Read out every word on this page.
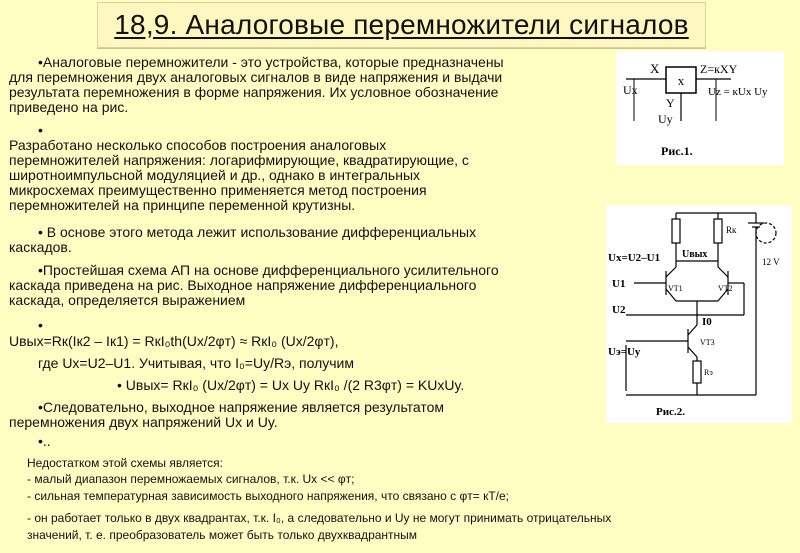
18,9. Аналоговые перемножители сигналов
•Аналоговые перемножители - это устройства, которые предназначены
для перемножения двух аналоговых сигналов в виде напряжения и выдачи
результата перемножения в форме напряжения. Их условное обозначение
приведено на рис.
•
Разработано несколько способов построения аналоговых
перемножителей напряжения: логарифмирующие, квадратирующие, с
широтноимпульсной модуляцией и др., однако в интегральных
микросхемах преимущественно применяется метод построения
перемножителей на принципе переменной крутизны.
• В основе этого метода лежит использование дифференциальных
каскадов.
•Простейшая схема АП на основе дифференциального усилительного
каскада приведена на рис. Выходное напряжение дифференциального
каскада, определяется выражением
•
Uвых=Rк(Iк2 – Iк1) = RкI₀th(Ux/2φт) ≈ RкI₀ (Ux/2φт),
где Ux=U2–U1. Учитывая, что I₀=Uy/Rэ, получим
• Uвых= RкI₀ (Ux/2φт) = Ux Uy RкI₀ /(2 R3φт) = KUxUy.
•Следовательно, выходное напряжение является результатом
перемножения двух напряжений Ux и Uy.
•..
Недостатком этой схемы является:
- малый диапазон перемножаемых сигналов, т.к. Ux << φт;
- сильная температурная зависимость выходного напряжения, что связано с φт= кТ/е;
- он работает только в двух квадрантах, т.к. I₀, а следовательно и Uy не могут принимать отрицательных
значений, т. е. преобразователь может быть только двухквадрантным
x
X	Z=кXY
Ux
Y
Uy
Uz = кUx Uy
Рис.1.
Ux=U2–U1 Uвых
U1
U2
I0
Uэ=Uy
Rк
12 V
VT1	VT2
VT3
Rэ
Рис.2.
